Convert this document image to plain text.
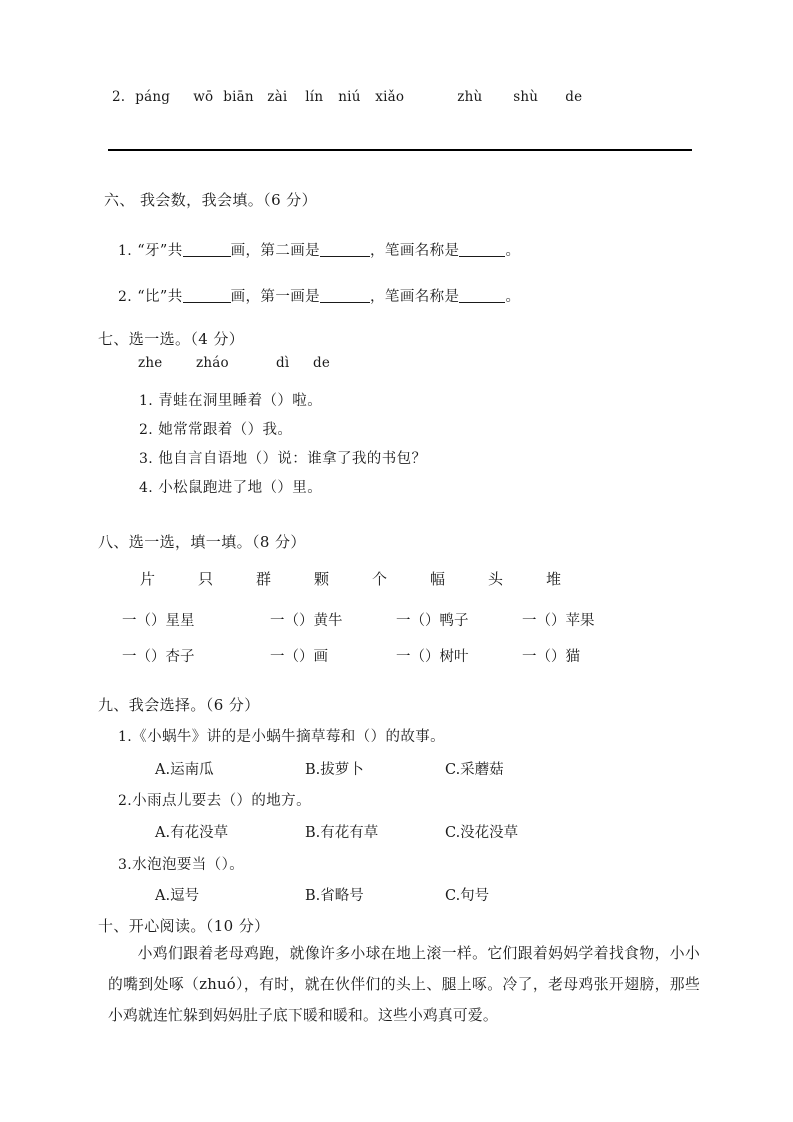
2. páng wō biān zài lín niú xiǎo	zhù shù de
六、 我会数，我会填。（6 分）
1. “牙”共	画，第二画是	，笔画名称是	。
2. “比”共	画，第一画是	，笔画名称是	。
七、选一选。（4 分）
zhe zháo	dì de
1. 青蛙在洞里睡着（）啦。
2. 她常常跟着（）我。
3. 他自言自语地（）说：谁拿了我的书包？
4. 小松鼠跑进了地（）里。
八、选一选，填一填。（8 分）
片	只	群	颗	个	幅	头	堆
一（）星星	一（）黄牛	一（）鸭子	一（）苹果
一（）杏子	一（）画	一（）树叶	一（）猫
九、我会选择。（6 分）
1.《小蜗牛》讲的是小蜗牛摘草莓和（）的故事。
A.运南瓜	B.拔萝卜	C.采蘑菇
2.小雨点儿要去（）的地方。
A.有花没草	B.有花有草	C.没花没草
3.水泡泡要当（）。
A.逗号	B.省略号	C.句号
十、开心阅读。（10 分）
小鸡们跟着老母鸡跑，就像许多小球在地上滚一样。它们跟着妈妈学着找食物，小小的嘴到处啄（zhuó），有时，就在伙伴们的头上、腿上啄。冷了，老母鸡张开翅膀，那些小鸡就连忙躲到妈妈肚子底下暖和暖和。这些小鸡真可爱。
